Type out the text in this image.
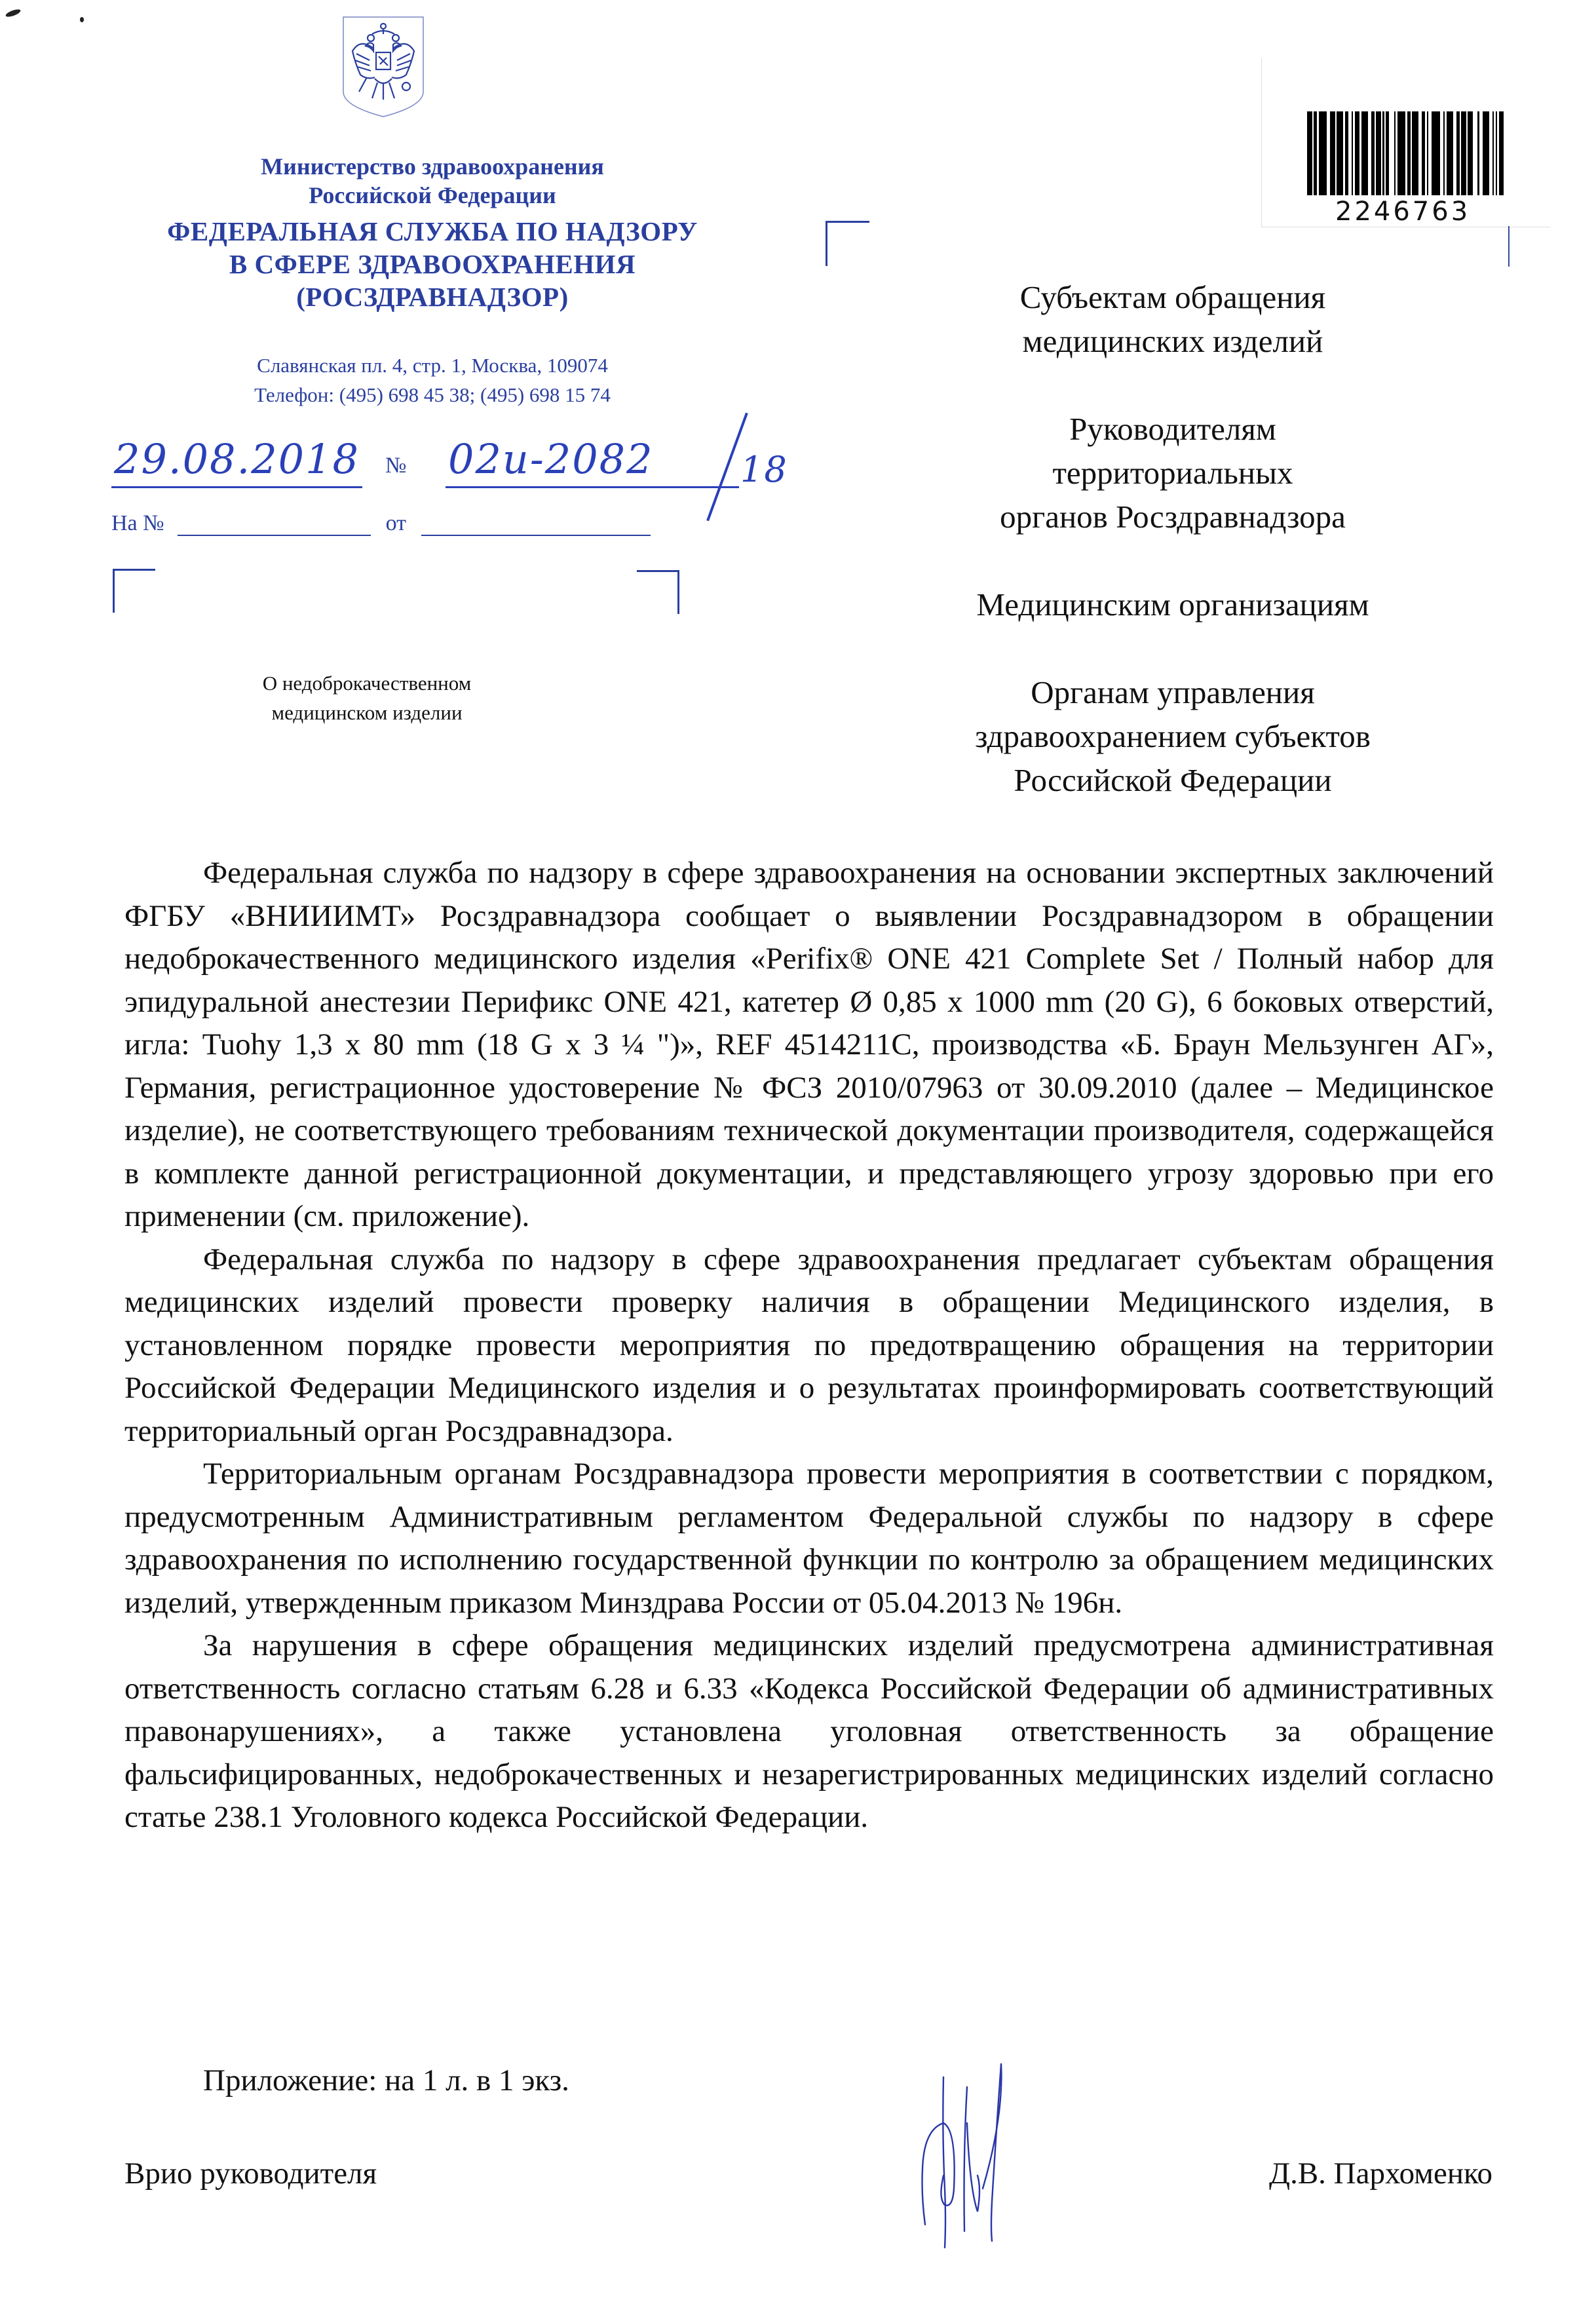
Министерство здравоохранения
Российской Федерации
ФЕДЕРАЛЬНАЯ СЛУЖБА ПО НАДЗОРУ
В СФЕРЕ ЗДРАВООХРАНЕНИЯ
(РОСЗДРАВНАДЗОР)
Славянская пл. 4, стр. 1, Москва, 109074
Телефон: (495) 698 45 38; (495) 698 15 74
29.08.2018 № 02и-2082	18
На №	от
О недоброкачественном
медицинском изделии
2246763
Субъектам обращения
медицинских изделий
Руководителям
территориальных
органов Росздравнадзора
Медицинским организациям
Органам управления
здравоохранением субъектов
Российской Федерации

Федеральная служба по надзору в сфере здравоохранения на основании экспертных заключений ФГБУ «ВНИИИМТ» Росздравнадзора сообщает о выявлении Росздравнадзором в обращении недоброкачественного медицинского изделия «Perifix® ONE 421 Complete Set / Полный набор для эпидуральной анестезии Перификс ONE 421, катетер Ø 0,85 x 1000 mm (20 G), 6 боковых отверстий, игла: Tuohy 1,3 x 80 mm (18 G x 3 ¼ ")», REF 4514211C, производства «Б. Браун Мельзунген АГ», Германия, регистрационное удостоверение № ФСЗ 2010/07963 от 30.09.2010 (далее – Медицинское изделие), не соответствующего требованиям технической документации производителя, содержащейся в комплекте данной регистрационной документации, и представляющего угрозу здоровью при его применении (см. приложение).

Федеральная служба по надзору в сфере здравоохранения предлагает субъектам обращения медицинских изделий провести проверку наличия в обращении Медицинского изделия, в установленном порядке провести мероприятия по предотвращению обращения на территории Российской Федерации Медицинского изделия и о результатах проинформировать соответствующий территориальный орган Росздравнадзора.

Территориальным органам Росздравнадзора провести мероприятия в соответствии с порядком, предусмотренным Административным регламентом Федеральной службы по надзору в сфере здравоохранения по исполнению государственной функции по контролю за обращением медицинских изделий, утвержденным приказом Минздрава России от 05.04.2013 № 196н.

За нарушения в сфере обращения медицинских изделий предусмотрена административная ответственность согласно статьям 6.28 и 6.33 «Кодекса Российской Федерации об административных правонарушениях», а также установлена уголовная ответственность за обращение фальсифицированных, недоброкачественных и незарегистрированных медицинских изделий согласно статье 238.1 Уголовного кодекса Российской Федерации.

Приложение: на 1 л. в 1 экз.
Врио руководителя	Д.В. Пархоменко
